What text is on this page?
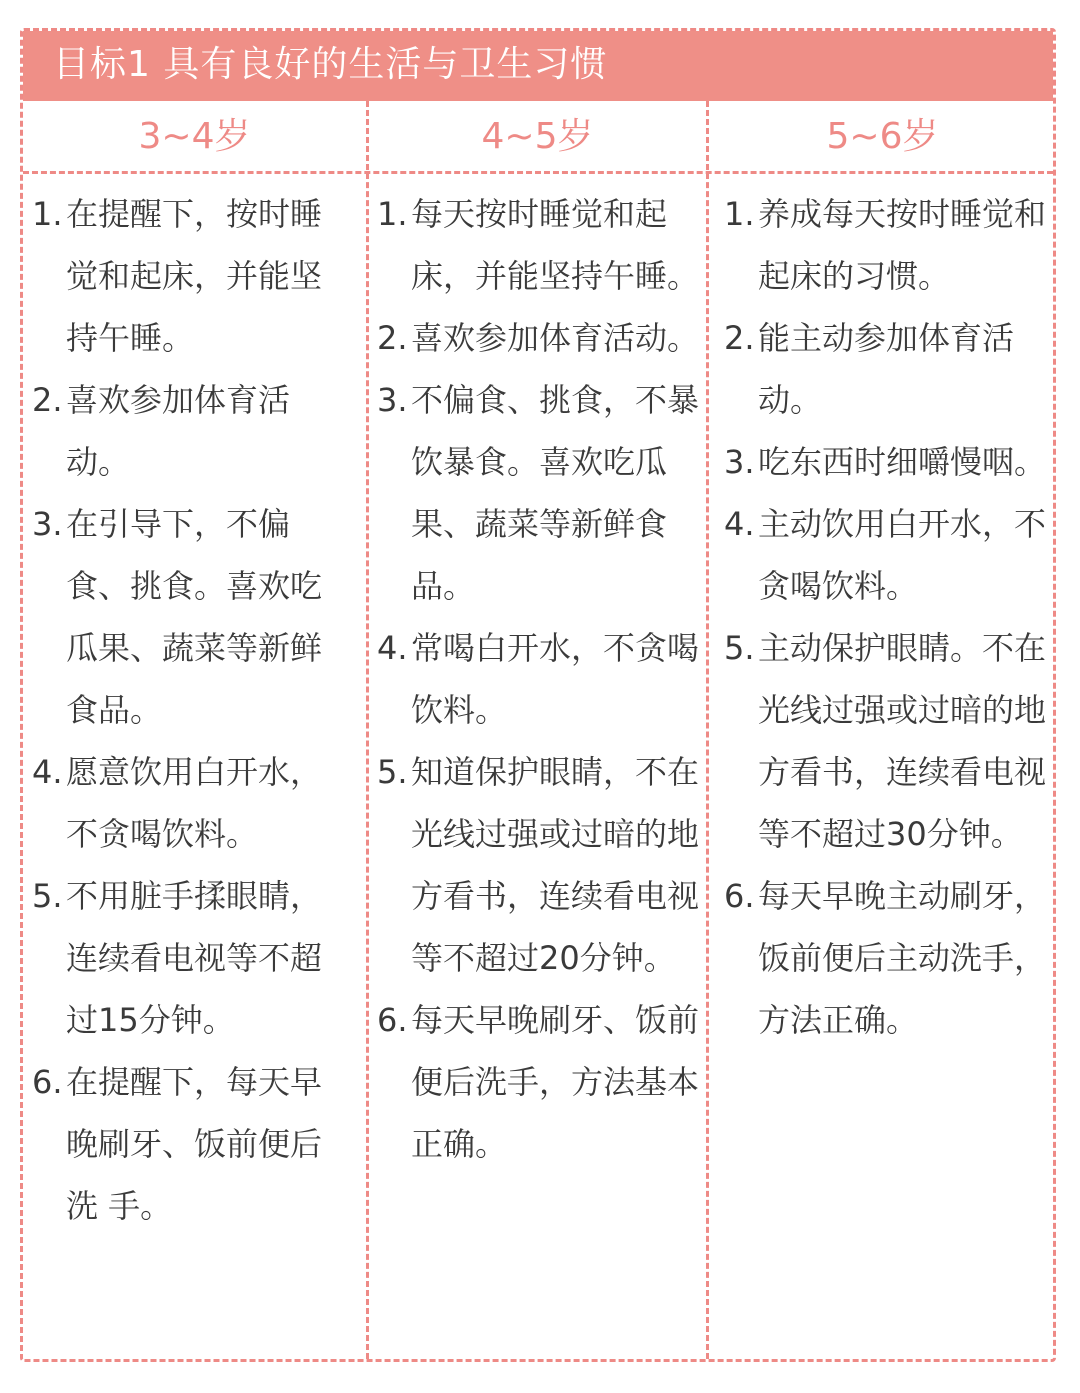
目标1 具有良好的生活与卫生习惯
3~4岁	4~5岁	5~6岁
1. 在提醒下，按时睡觉和起床，并能坚持午睡。
2. 喜欢参加体育活动。
3. 在引导下，不偏食、挑食。喜欢吃瓜果、蔬菜等新鲜食品。
4. 愿意饮用白开水，不贪喝饮料。
5. 不用脏手揉眼睛，连续看电视等不超过15分钟。
6. 在提醒下，每天早晚刷牙、饭前便后洗 手。
1. 每天按时睡觉和起床，并能坚持午睡。
2. 喜欢参加体育活动。
3. 不偏食、挑食，不暴饮暴食。喜欢吃瓜果、蔬菜等新鲜食品。
4. 常喝白开水，不贪喝饮料。
5. 知道保护眼睛，不在光线过强或过暗的地方看书，连续看电视等不超过20分钟。
6. 每天早晚刷牙、饭前便后洗手，方法基本正确。
1. 养成每天按时睡觉和起床的习惯。
2. 能主动参加体育活动。
3. 吃东西时细嚼慢咽。
4. 主动饮用白开水，不贪喝饮料。
5. 主动保护眼睛。不在光线过强或过暗的地方看书，连续看电视等不超过30分钟。
6. 每天早晚主动刷牙，饭前便后主动洗手，方法正确。
